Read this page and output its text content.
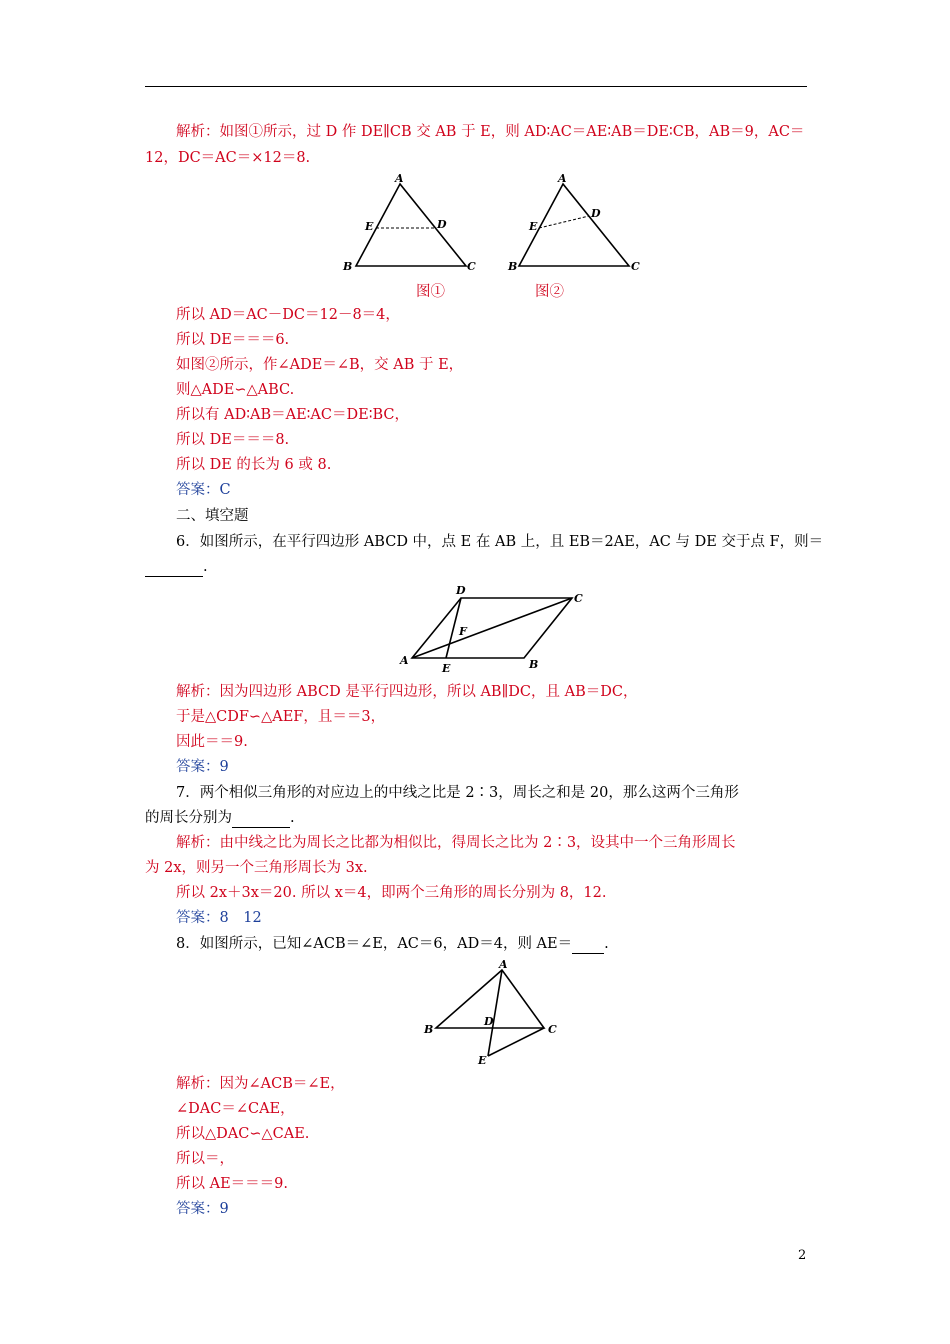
解析：如图①所示，过 D 作 DE∥CB 交 AB 于 E，则 AD∶AC＝AE∶AB＝DE∶CB，AB＝9，AC＝
12，DC＝AC＝×12＝8.
A
B	C
D
E
图①
A
B	C
D
E
图②
所以 AD＝AC－DC＝12－8＝4，
所以 DE＝＝＝6.
如图②所示，作∠ADE＝∠B，交 AB 于 E，
则△ADE∽△ABC.
所以有 AD∶AB＝AE∶AC＝DE∶BC，
所以 DE＝＝＝8.
所以 DE 的长为 6 或 8.
答案：C
二、填空题
6．如图所示，在平行四边形 ABCD 中，点 E 在 AB 上，且 EB＝2AE，AC 与 DE 交于点 F，则＝
.
D
C
A	B
E
F
解析：因为四边形 ABCD 是平行四边形，所以 AB∥DC，且 AB＝DC，
于是△CDF∽△AEF，且＝＝3，
因此＝＝9.
答案：9
7．两个相似三角形的对应边上的中线之比是 2∶3，周长之和是 20，那么这两个三角形
的周长分别为	.
解析：由中线之比为周长之比都为相似比，得周长之比为 2∶3，设其中一个三角形周长
为 2x，则另一个三角形周长为 3x.
所以 2x＋3x＝20. 所以 x＝4，即两个三角形的周长分别为 8，12.
答案：8　12
8．如图所示，已知∠ACB＝∠E，AC＝6，AD＝4，则 AE＝ .
A
B	C
D
E
解析：因为∠ACB＝∠E，
∠DAC＝∠CAE，
所以△DAC∽△CAE.
所以＝，
所以 AE＝＝＝9.
答案：9
2
